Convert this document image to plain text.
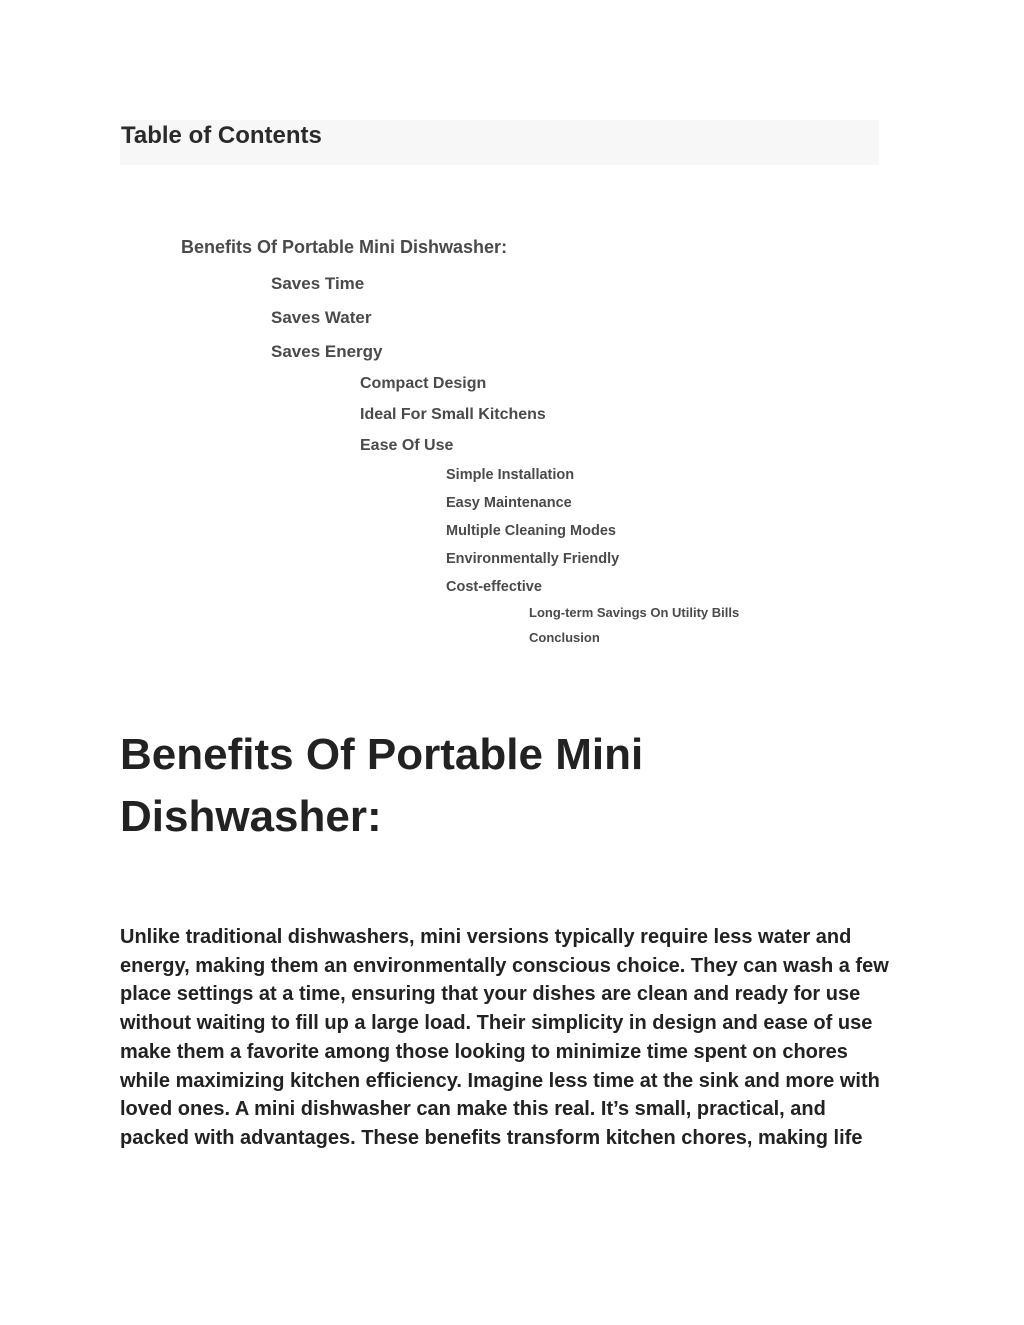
Table of Contents
Benefits Of Portable Mini Dishwasher:
Saves Time
Saves Water
Saves Energy
Compact Design
Ideal For Small Kitchens
Ease Of Use
Simple Installation
Easy Maintenance
Multiple Cleaning Modes
Environmentally Friendly
Cost-effective
Long-term Savings On Utility Bills
Conclusion
Benefits Of Portable Mini Dishwasher:

Unlike traditional dishwashers, mini versions typically require less water and energy, making them an environmentally conscious choice. They can wash a few place settings at a time, ensuring that your dishes are clean and ready for use without waiting to fill up a large load. Their simplicity in design and ease of use make them a favorite among those looking to minimize time spent on chores while maximizing kitchen efficiency. Imagine less time at the sink and more with loved ones. A mini dishwasher can make this real. It’s small, practical, and packed with advantages. These benefits transform kitchen chores, making life
